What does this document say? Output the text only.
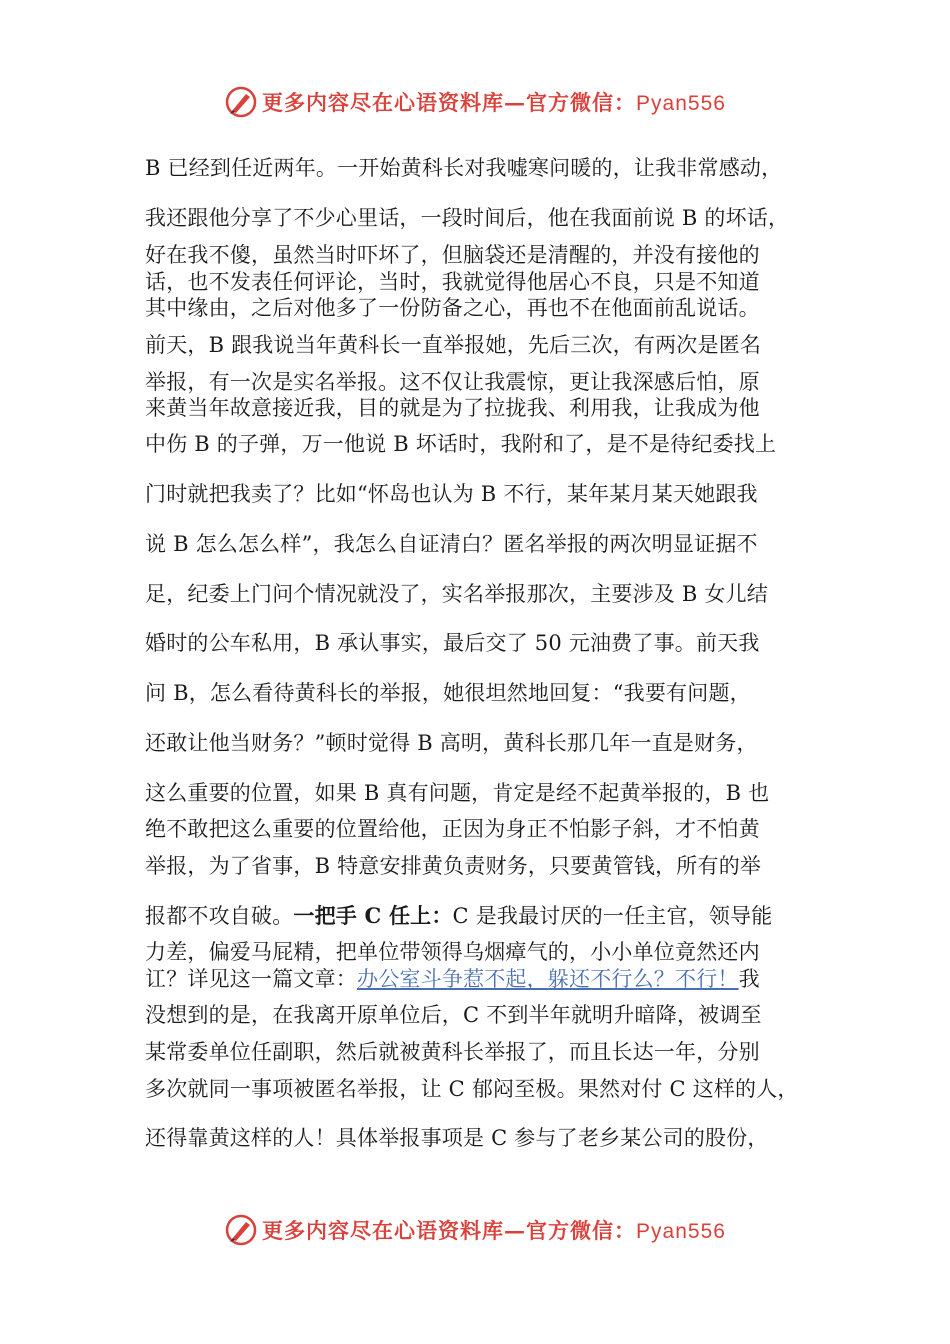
更多内容尽在心语资料库—官方微信：Pyan556
B 已经到任近两年。一开始黄科长对我嘘寒问暖的，让我非常感动，
我还跟他分享了不少心里话，一段时间后，他在我面前说 B 的坏话，
好在我不傻，虽然当时吓坏了，但脑袋还是清醒的，并没有接他的
话，也不发表任何评论，当时，我就觉得他居心不良，只是不知道
其中缘由，之后对他多了一份防备之心，再也不在他面前乱说话。
前天，B 跟我说当年黄科长一直举报她，先后三次，有两次是匿名
举报，有一次是实名举报。这不仅让我震惊，更让我深感后怕，原
来黄当年故意接近我，目的就是为了拉拢我、利用我，让我成为他
中伤 B 的子弹，万一他说 B 坏话时，我附和了，是不是待纪委找上
门时就把我卖了？比如“怀岛也认为 B 不行，某年某月某天她跟我
说 B 怎么怎么样”，我怎么自证清白？匿名举报的两次明显证据不
足，纪委上门问个情况就没了，实名举报那次，主要涉及 B 女儿结
婚时的公车私用，B 承认事实，最后交了 50 元油费了事。前天我
问 B，怎么看待黄科长的举报，她很坦然地回复：“我要有问题，
还敢让他当财务？”顿时觉得 B 高明，黄科长那几年一直是财务，
这么重要的位置，如果 B 真有问题，肯定是经不起黄举报的，B 也
绝不敢把这么重要的位置给他，正因为身正不怕影子斜，才不怕黄
举报，为了省事，B 特意安排黄负责财务，只要黄管钱，所有的举
报都不攻自破。一把手 C 任上：C 是我最讨厌的一任主官，领导能
力差，偏爱马屁精，把单位带领得乌烟瘴气的，小小单位竟然还内
讧？详见这一篇文章：办公室斗争惹不起，躲还不行么？不行！我
没想到的是，在我离开原单位后，C 不到半年就明升暗降，被调至
某常委单位任副职，然后就被黄科长举报了，而且长达一年，分别
多次就同一事项被匿名举报，让 C 郁闷至极。果然对付 C 这样的人，
还得靠黄这样的人！具体举报事项是 C 参与了老乡某公司的股份，
更多内容尽在心语资料库—官方微信：Pyan556
